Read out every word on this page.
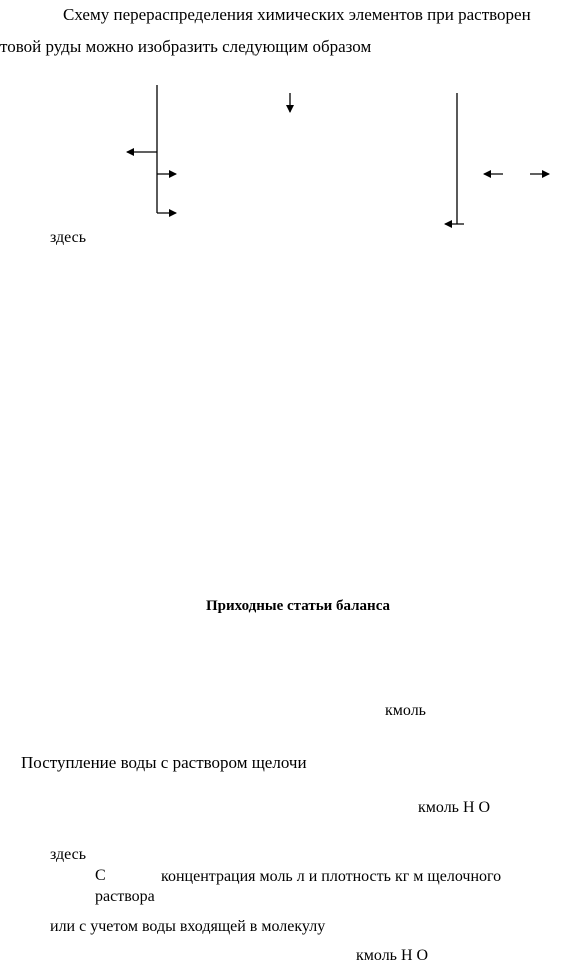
Схему перераспределения химических элементов при растворен
товой руды можно изобразить следующим образом
здесь
Приходные статьи баланса
кмоль
Поступление воды с раствором щелочи
кмоль H O
здесь
С	концентрация моль л и плотность кг м щелочного
раствора
или с учетом воды входящей в молекулу
кмоль H O
